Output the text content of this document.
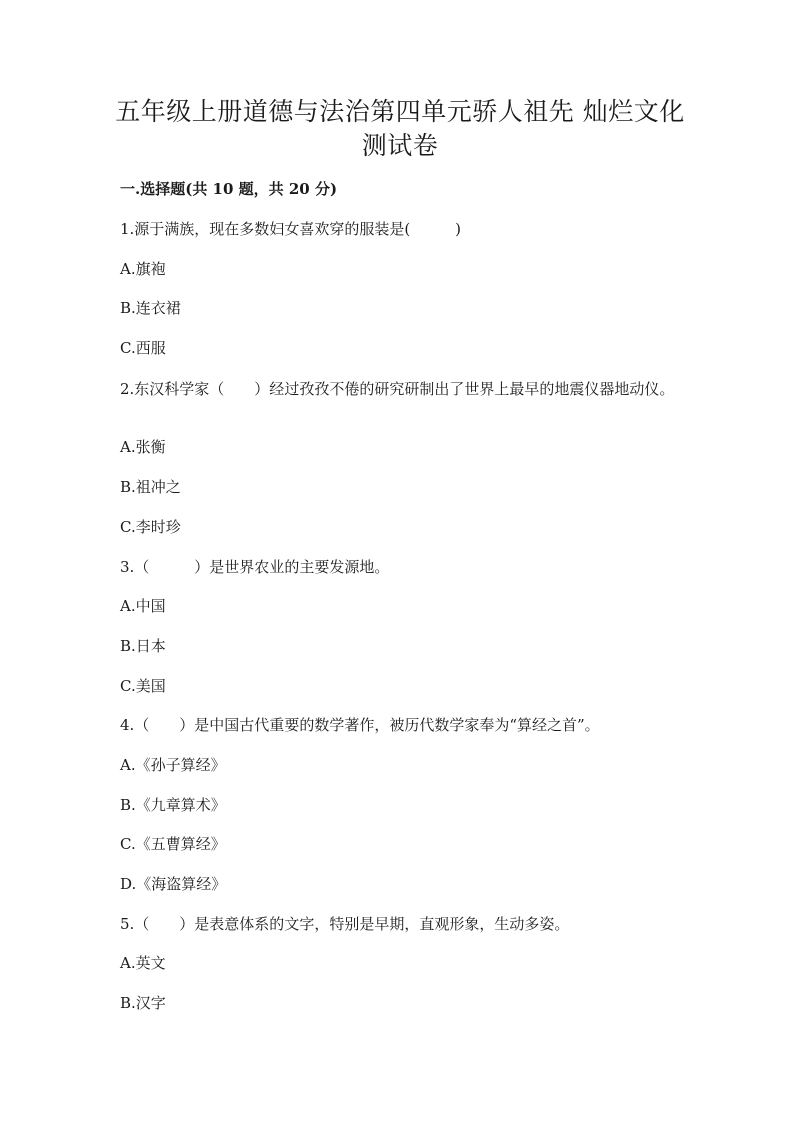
五年级上册道德与法治第四单元骄人祖先 灿烂文化
测试卷
一.选择题(共 10 题，共 20 分)
1.源于满族，现在多数妇女喜欢穿的服装是(　　　)
A.旗袍
B.连衣裙
C.西服
2.东汉科学家（　　）经过孜孜不倦的研究研制出了世界上最早的地震仪器地动仪。
A.张衡
B.祖冲之
C.李时珍
3.（　　　）是世界农业的主要发源地。
A.中国
B.日本
C.美国
4.（　　）是中国古代重要的数学著作，被历代数学家奉为“算经之首”。
A.《孙子算经》
B.《九章算术》
C.《五曹算经》
D.《海盗算经》
5.（　　）是表意体系的文字，特别是早期，直观形象，生动多姿。
A.英文
B.汉字
